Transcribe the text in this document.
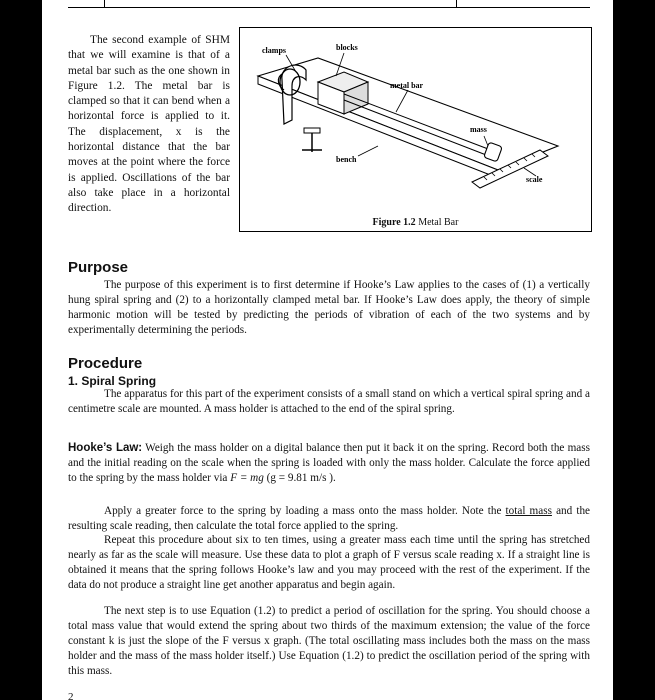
The second example of SHM that we will examine is that of a metal bar such as the one shown in Figure 1.2. The metal bar is clamped so that it can bend when a horizontal force is applied to it. The displacement, x is the horizontal distance that the bar moves at the point where the force is applied. Oscillations of the bar also take place in a horizontal direction.

clamps	blocks
metal bar
mass
bench
scale
Figure 1.2 Metal Bar
Purpose

The purpose of this experiment is to first determine if Hooke’s Law applies to the cases of (1) a vertically hung spiral spring and (2) to a horizontally clamped metal bar. If Hooke’s Law does apply, the theory of simple harmonic motion will be tested by predicting the periods of vibration of each of the two systems and by experimentally determining the periods.

Procedure
1. Spiral Spring

The apparatus for this part of the experiment consists of a small stand on which a vertical spiral spring and a centimetre scale are mounted. A mass holder is attached to the end of the spiral spring.

Hooke’s Law: Weigh the mass holder on a digital balance then put it back it on the spring. Record both the mass and the initial reading on the scale when the spring is loaded with only the mass holder. Calculate the force applied to the spring by the mass holder via F = mg (g = 9.81 m/s ).

Apply a greater force to the spring by loading a mass onto the mass holder. Note the total mass and the resulting scale reading, then calculate the total force applied to the spring.

Repeat this procedure about six to ten times, using a greater mass each time until the spring has stretched nearly as far as the scale will measure. Use these data to plot a graph of F versus scale reading x. If a straight line is obtained it means that the spring follows Hooke’s law and you may proceed with the rest of the experiment. If the data do not produce a straight line get another apparatus and begin again.

The next step is to use Equation (1.2) to predict a period of oscillation for the spring. You should choose a total mass value that would extend the spring about two thirds of the maximum extension; the value of the force constant k is just the slope of the F versus x graph. (The total oscillating mass includes both the mass on the mass holder and the mass of the mass holder itself.) Use Equation (1.2) to predict the oscillation period of the spring with this mass.

2
